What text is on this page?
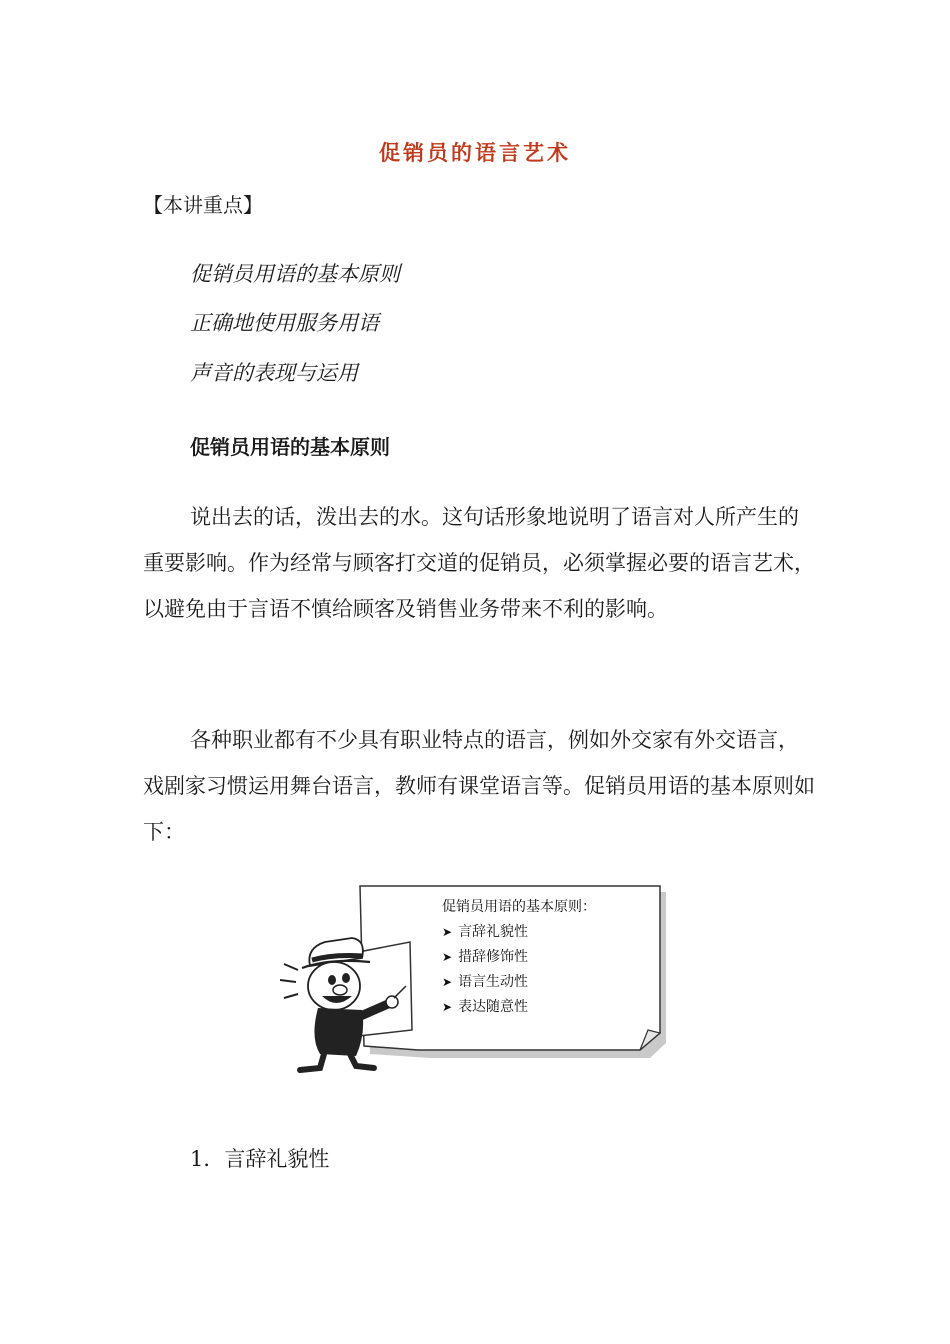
促销员的语言艺术
【本讲重点】
促销员用语的基本原则
正确地使用服务用语
声音的表现与运用
促销员用语的基本原则

说出去的话，泼出去的水。这句话形象地说明了语言对人所产生的重要影响。作为经常与顾客打交道的促销员，必须掌握必要的语言艺术，以避免由于言语不慎给顾客及销售业务带来不利的影响。

各种职业都有不少具有职业特点的语言，例如外交家有外交语言，戏剧家习惯运用舞台语言，教师有课堂语言等。促销员用语的基本原则如下：

促销员用语的基本原则：
➤ 言辞礼貌性
➤ 措辞修饰性
➤ 语言生动性
➤ 表达随意性
1．言辞礼貌性
